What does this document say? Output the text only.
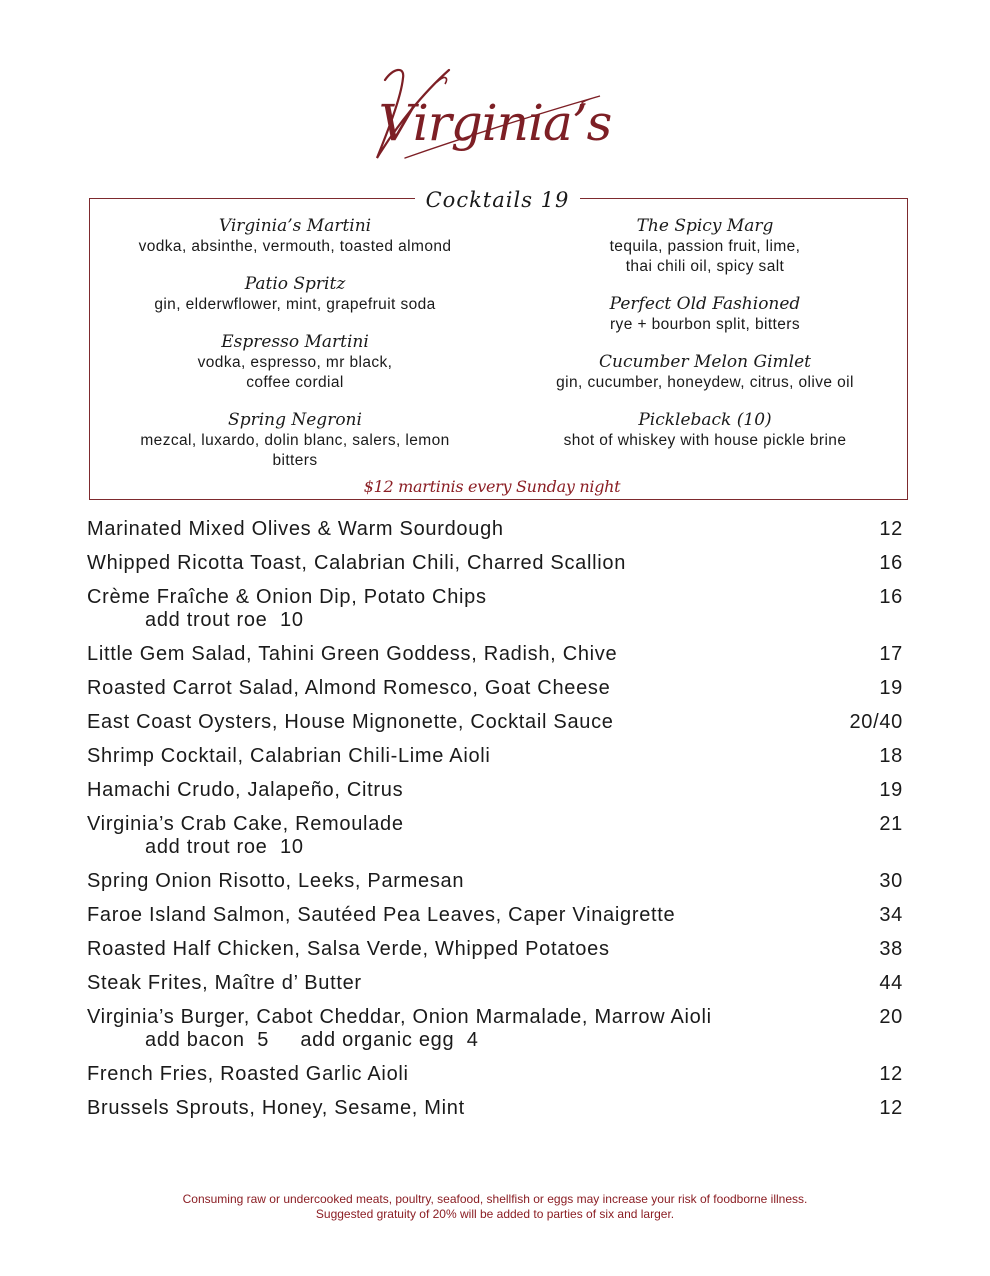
Virginia’s
Cocktails 19
Virginia’s Martini
vodka, absinthe, vermouth, toasted almond
Patio Spritz
gin, elderwflower, mint, grapefruit soda
Espresso Martini
vodka, espresso, mr black,
coffee cordial
Spring Negroni
mezcal, luxardo, dolin blanc, salers, lemon
bitters
The Spicy Marg
tequila, passion fruit, lime,
thai chili oil, spicy salt
Perfect Old Fashioned
rye + bourbon split, bitters
Cucumber Melon Gimlet
gin, cucumber, honeydew, citrus, olive oil
Pickleback (10)
shot of whiskey with house pickle brine
$12 martinis every Sunday night
Marinated Mixed Olives & Warm Sourdough	12
Whipped Ricotta Toast, Calabrian Chili, Charred Scallion	16
Crème Fraîche & Onion Dip, Potato Chips	16
add trout roe  10
Little Gem Salad, Tahini Green Goddess, Radish, Chive	17
Roasted Carrot Salad, Almond Romesco, Goat Cheese	19
East Coast Oysters, House Mignonette, Cocktail Sauce	20/40
Shrimp Cocktail, Calabrian Chili-Lime Aioli	18
Hamachi Crudo, Jalapeño, Citrus	19
Virginia’s Crab Cake, Remoulade	21
add trout roe  10
Spring Onion Risotto, Leeks, Parmesan	30
Faroe Island Salmon, Sautéed Pea Leaves, Caper Vinaigrette	34
Roasted Half Chicken, Salsa Verde, Whipped Potatoes	38
Steak Frites, Maître d’ Butter	44
Virginia’s Burger, Cabot Cheddar, Onion Marmalade, Marrow Aioli	20
add bacon  5     add organic egg  4
French Fries, Roasted Garlic Aioli	12
Brussels Sprouts, Honey, Sesame, Mint	12
Consuming raw or undercooked meats, poultry, seafood, shellfish or eggs may increase your risk of foodborne illness.
Suggested gratuity of 20% will be added to parties of six and larger.
